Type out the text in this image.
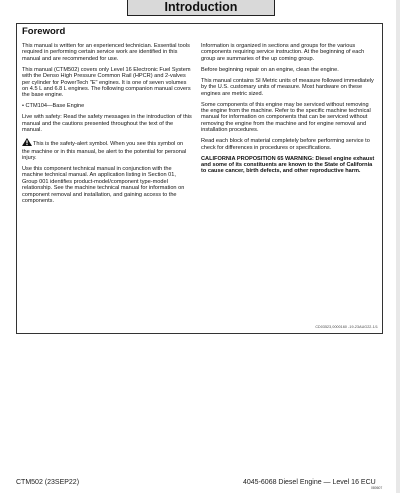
Introduction
Foreword

This manual is written for an experienced technician. Essential tools required in performing certain service work are identified in this manual and are recommended for use.

This manual (CTM502) covers only Level 16 Electronic Fuel System with the Denso High Pressure Common Rail (HPCR) and 2-valves per cylinder for PowerTech "E" engines. It is one of seven volumes on 4.5 L and 6.8 L engines. The following companion manual covers the base engine.

• CTM104—Base Engine

Live with safety: Read the safety messages in the introduction of this manual and the cautions presented throughout the text of the manual.

This is the safety-alert symbol. When you see this symbol on the machine or in this manual, be alert to the potential for personal injury.

Use this component technical manual in conjunction with the machine technical manual. An application listing in Section 01, Group 001 identifies product-model/component type-model relationship. See the machine technical manual for information on component removal and installation, and gaining access to the components.

Information is organized in sections and groups for the various components requiring service instruction. At the beginning of each group are summaries of the up coming group.

Before beginning repair on an engine, clean the engine.

This manual contains SI Metric units of measure followed immediately by the U.S. customary units of measure. Most hardware on these engines are metric sized.

Some components of this engine may be serviced without removing the engine from the machine. Refer to the specific machine technical manual for information on components that can be serviced without removing the engine from the machine and for engine removal and installation procedures.

Read each block of material completely before performing service to check for differences in procedures or specifications.

CALIFORNIA PROPOSITION 65 WARNING: Diesel engine exhaust and some of its constituents are known to the State of California to cause cancer, birth defects, and other reproductive harm.

CD03523,0000160 -19-23AUG22-1/1
CTM502 (23SEP22)	4045-6068 Diesel Engine — Level 16 ECU
080607
